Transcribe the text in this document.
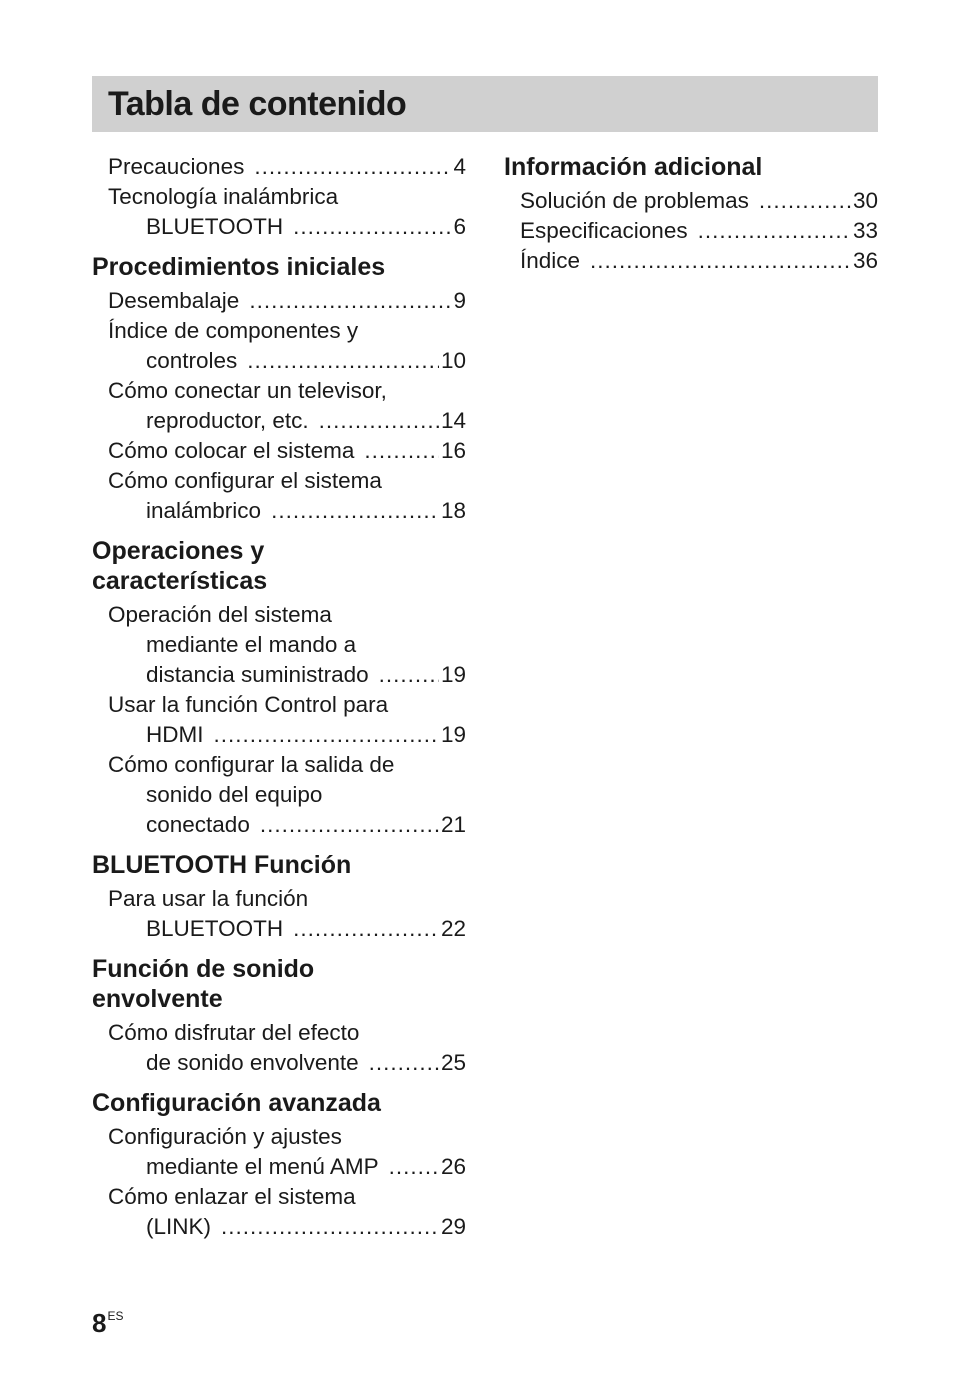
Tabla de contenido
Precauciones .....	4
Tecnología inalámbrica
BLUETOOTH .....	6
Procedimientos iniciales
Desembalaje .....	9
Índice de componentes y
controles .....	10
Cómo conectar un televisor,
reproductor, etc. .....	14
Cómo colocar el sistema .....	16
Cómo configurar el sistema
inalámbrico .....	18
Operaciones y
características
Operación del sistema
mediante el mando a
distancia suministrado .....	19
Usar la función Control para
HDMI .....	19
Cómo configurar la salida de
sonido del equipo
conectado .....	21
BLUETOOTH Función
Para usar la función
BLUETOOTH .....	22
Función de sonido
envolvente
Cómo disfrutar del efecto
de sonido envolvente .....	25
Configuración avanzada
Configuración y ajustes
mediante el menú AMP .....	26
Cómo enlazar el sistema
(LINK) .....	29
Información adicional
Solución de problemas .....	30
Especificaciones .....	33
Índice .....	36
$8^{ES}$
